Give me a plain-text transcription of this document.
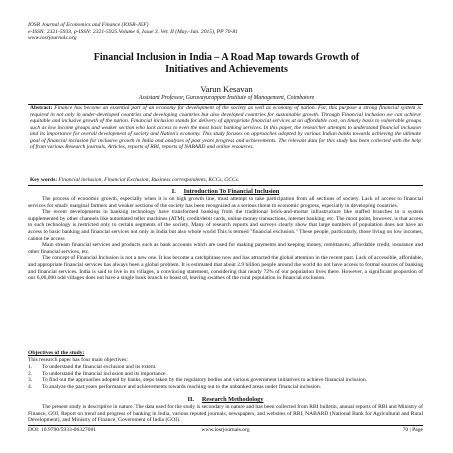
IOSR Journal of Economics and Finance (IOSR-JEF)
e-ISSN: 2321-5933, p-ISSN: 2321-5925.Volume 6, Issue 3. Ver. II (May.-Jun. 2015), PP 70-81
www.iosrjournals.org
Financial Inclusion in India – A Road Map towards Growth of
Initiatives and Achievements
Varun Kesavan
Assistant Professor, Guruvayurappan Institute of Management, Coimbatore
Abstract: Finance has become an essential part of an economy for development of the society as well as economy of nation. For, this purpose a strong financial system is required in not only in under-developed countries and developing countries but also developed countries for sustainable growth. Through Financial inclusion we can achieve equitable and inclusive growth of the nation. Financial inclusion stands for delivery of appropriate financial services at an affordable cost, on timely basis to vulnerable groups such as low income groups and weaker section who lack access to even the most basic banking services. In this paper, the researcher attempts to understand financial inclusion and its importance for overall development of society and Nation's economy. This study focuses on approaches adopted by various Indian banks towards achieving the ultimate goal of financial inclusion for inclusive growth in India and analyses of past years progress and achievements. The relevant data for this study has been collected with the help of from various Research journals, Articles, reports of RBI, reports of NABARD and online resources.
Key words: Financial inclusion, Financial Exclusion, Business correspondents, KCCs, GCCs.
I. Introduction To Financial Inclusion

The process of economic growth, especially when it is on high growth line, must attempt to take participation from all sections of society. Lack of access to financial services for small/ marginal farmers and weaker sections of the society has been recognized as a serious threat to economic progress, especially in developing countries.

The recent developments in banking technology have transformed banking from the traditional brick-and-mortar infrastructure like staffed branches to a system supplemented by other channels like automated teller machines (ATM), credit/debit cards, online money transactions, internet banking, etc. The moot point, however, is that access to such technology is restricted only to certain segments of the society. Many of research reports and surveys clearly show that large numbers of population does not have an access to basic banking and financial services not only in India but also whole world This is termed "financial exclusion." These people, particularly, those living on low incomes, cannot be access

Main stream financial services and products such as bank accounts which are used for making payments and keeping money, remittances, affordable credit, insurance and other financial services, etc.

The concept of Financial Inclusion is not a new one. It has become a catchphrase now and has attracted the global attention in the recent past. Lack of accessible, affordable, and appropriate financial services has always been a global problem. It is estimated that about 2.9 billion people around the world do not have access to formal sources of banking and financial services. India is said to live in its villages, a convincing statement, considering that nearly 72% of our population lives there. However, a significant proportion of our 6,00,000 odd villages does not have a single bank branch to boast of, leaving swathes of the rural population in financial exclusion.

Objectives of the study:
This research paper has four main objectives:
1. To understand the financial exclusion and its extent.
2. To understand the financial inclusion and its importance.
3. To find out the approaches adopted by banks, steps taken by the regulatory bodies and various government initiatives to achieve financial inclusion.
4. To analyze the past years performance and achievements towards reaching out to the unbanked areas under financial inclusion.
II. Research Methodology

The present study is descriptive in nature. The data used for the study is secondary in nature and has been collected from RBI bulletin, annual reports of RBI and Ministry of Finance, GOI, Report on trend and progress of banking in India, various reputed journals, newspapers, and websites of RBI, NABARD (National Bank for Agricultural and Rural Development), and Ministry of Finance, Government of India (GOI).

DOI: 10.9790/5933-06327081	www.iosrjournals.org	70 | Page
